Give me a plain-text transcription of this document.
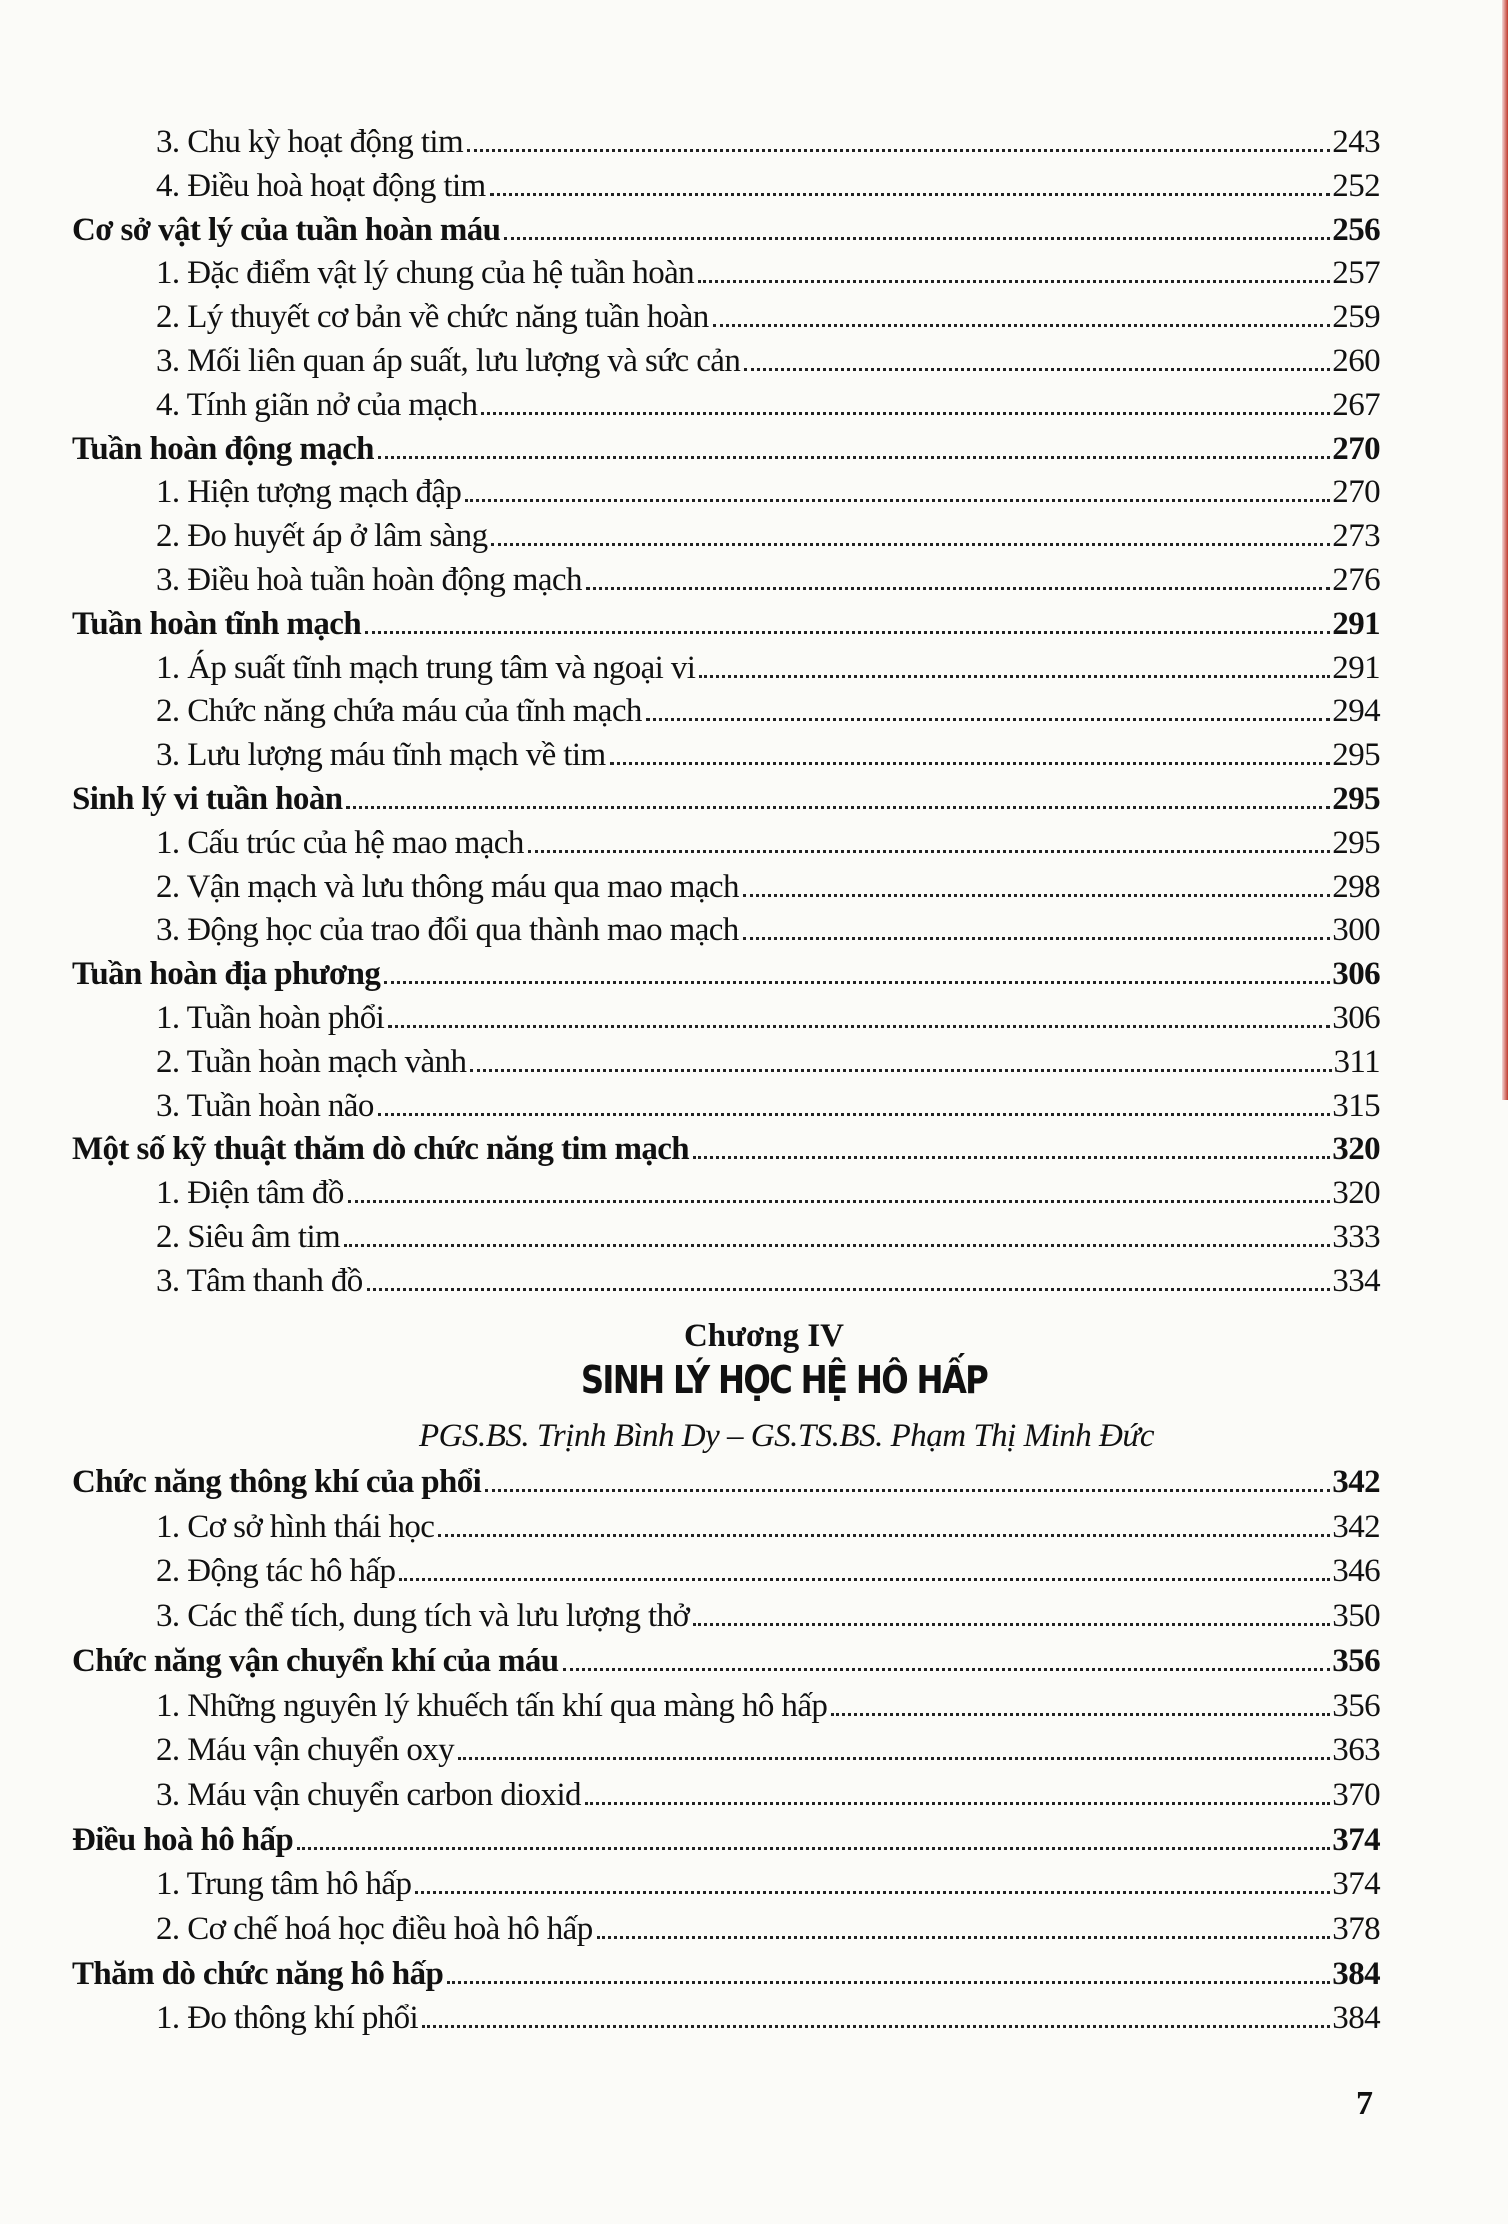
3. Chu kỳ hoạt động tim	243
4. Điều hoà hoạt động tim	252
Cơ sở vật lý của tuần hoàn máu	256
1. Đặc điểm vật lý chung của hệ tuần hoàn	257
2. Lý thuyết cơ bản về chức năng tuần hoàn	259
3. Mối liên quan áp suất, lưu lượng và sức cản	260
4. Tính giãn nở của mạch	267
Tuần hoàn động mạch	270
1. Hiện tượng mạch đập	270
2. Đo huyết áp ở lâm sàng	273
3. Điều hoà tuần hoàn động mạch	276
Tuần hoàn tĩnh mạch	291
1. Áp suất tĩnh mạch trung tâm và ngoại vi	291
2. Chức năng chứa máu của tĩnh mạch	294
3. Lưu lượng máu tĩnh mạch về tim	295
Sinh lý vi tuần hoàn	295
1. Cấu trúc của hệ mao mạch	295
2. Vận mạch và lưu thông máu qua mao mạch	298
3. Động học của trao đổi qua thành mao mạch	300
Tuần hoàn địa phương	306
1. Tuần hoàn phổi	306
2. Tuần hoàn mạch vành	311
3. Tuần hoàn não	315
Một số kỹ thuật thăm dò chức năng tim mạch	320
1. Điện tâm đồ	320
2. Siêu âm tim	333
3. Tâm thanh đồ	334
Chương IV
SINH LÝ HỌC HỆ HÔ HẤP
PGS.BS. Trịnh Bình Dy – GS.TS.BS. Phạm Thị Minh Đức
Chức năng thông khí của phổi	342
1. Cơ sở hình thái học	342
2. Động tác hô hấp	346
3. Các thể tích, dung tích và lưu lượng thở	350
Chức năng vận chuyển khí của máu	356
1. Những nguyên lý khuếch tấn khí qua màng hô hấp	356
2. Máu vận chuyển oxy	363
3. Máu vận chuyển carbon dioxid	370
Điều hoà hô hấp	374
1. Trung tâm hô hấp	374
2. Cơ chế hoá học điều hoà hô hấp	378
Thăm dò chức năng hô hấp	384
1. Đo thông khí phổi	384
7
